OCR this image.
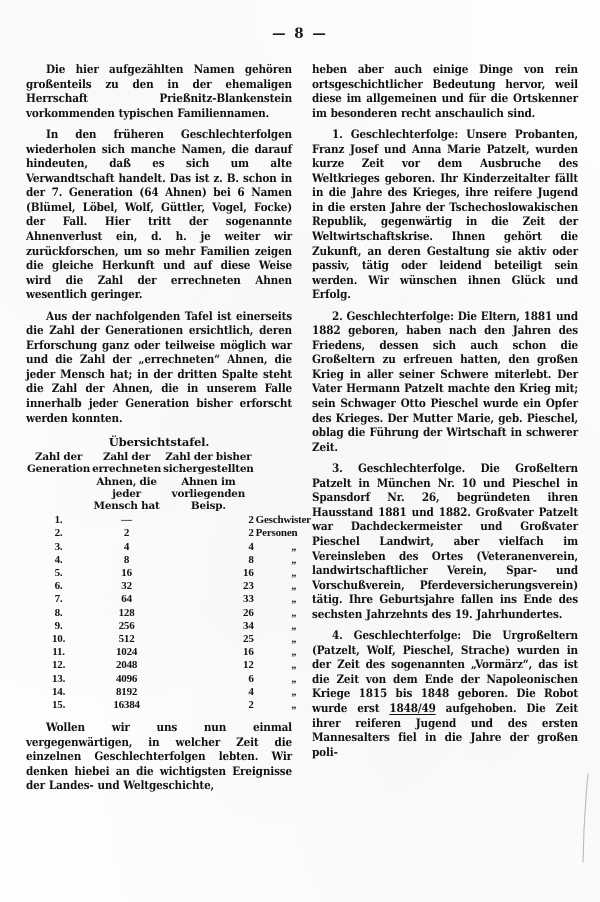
— 8 —

Die hier aufgezählten Namen gehören großenteils zu den in der ehemaligen Herrschaft Prießnitz-Blankenstein vorkommenden typischen Familiennamen.

In den früheren Geschlechterfolgen wiederholen sich manche Namen, die darauf hindeuten, daß es sich um alte Verwandtschaft handelt. Das ist z. B. schon in der 7. Generation (64 Ahnen) bei 6 Namen (Blümel, Löbel, Wolf, Güttler, Vogel, Focke) der Fall. Hier tritt der sogenannte Ahnenverlust ein, d. h. je weiter wir zurückforschen, um so mehr Familien zeigen die gleiche Herkunft und auf diese Weise wird die Zahl der errechneten Ahnen wesentlich geringer.

Aus der nachfolgenden Tafel ist einerseits die Zahl der Generationen ersichtlich, deren Erforschung ganz oder teilweise möglich war und die Zahl der „errechneten“ Ahnen, die jeder Mensch hat; in der dritten Spalte steht die Zahl der Ahnen, die in unserem Falle innerhalb jeder Generation bisher erforscht werden konnten.

Übersichtstafel.
Zahl der Generation	Zahl der errechneten Ahnen, die jeder Mensch hat	Zahl der bisher sichergestellten Ahnen im vorliegenden Beisp.	
1.	—	2	Geschwister
2.	2	2	Personen
3.	4	4	„
4.	8	8	„
5.	16	16	„
6.	32	23	„
7.	64	33	„
8.	128	26	„
9.	256	34	„
10.	512	25	„
11.	1024	16	„
12.	2048	12	„
13.	4096	6	„
14.	8192	4	„
15.	16384	2	„

Wollen wir uns nun einmal vergegenwärtigen, in welcher Zeit die einzelnen Geschlechterfolgen lebten. Wir denken hiebei an die wichtigsten Ereignisse der Landes- und Weltgeschichte,

heben aber auch einige Dinge von rein ortsgeschichtlicher Bedeutung hervor, weil diese im allgemeinen und für die Ortskenner im besonderen recht anschaulich sind.

1. Geschlechterfolge: Unsere Probanten, Franz Josef und Anna Marie Patzelt, wurden kurze Zeit vor dem Ausbruche des Weltkrieges geboren. Ihr Kinderzeitalter fällt in die Jahre des Krieges, ihre reifere Jugend in die ersten Jahre der Tschechoslowakischen Republik, gegenwärtig in die Zeit der Weltwirtschaftskrise. Ihnen gehört die Zukunft, an deren Gestaltung sie aktiv oder passiv, tätig oder leidend beteiligt sein werden. Wir wünschen ihnen Glück und Erfolg.

2. Geschlechterfolge: Die Eltern, 1881 und 1882 geboren, haben nach den Jahren des Friedens, dessen sich auch schon die Großeltern zu erfreuen hatten, den großen Krieg in aller seiner Schwere miterlebt. Der Vater Hermann Patzelt machte den Krieg mit; sein Schwager Otto Pieschel wurde ein Opfer des Krieges. Der Mutter Marie, geb. Pieschel, oblag die Führung der Wirtschaft in schwerer Zeit.

3. Geschlechterfolge. Die Großeltern Patzelt in München Nr. 10 und Pieschel in Spansdorf Nr. 26, begründeten ihren Hausstand 1881 und 1882. Großvater Patzelt war Dachdeckermeister und Großvater Pieschel Landwirt, aber vielfach im Vereinsleben des Ortes (Veteranenverein, landwirtschaftlicher Verein, Spar- und Vorschußverein, Pferdeversicherungsverein) tätig. Ihre Geburtsjahre fallen ins Ende des sechsten Jahrzehnts des 19. Jahrhundertes.

4. Geschlechterfolge: Die Urgroßeltern (Patzelt, Wolf, Pieschel, Strache) wurden in der Zeit des sogenannten „Vormärz“, das ist die Zeit von dem Ende der Napoleonischen Kriege 1815 bis 1848 geboren. Die Robot wurde erst 1848/49 aufgehoben. Die Zeit ihrer reiferen Jugend und des ersten Mannesalters fiel in die Jahre der großen poli-
